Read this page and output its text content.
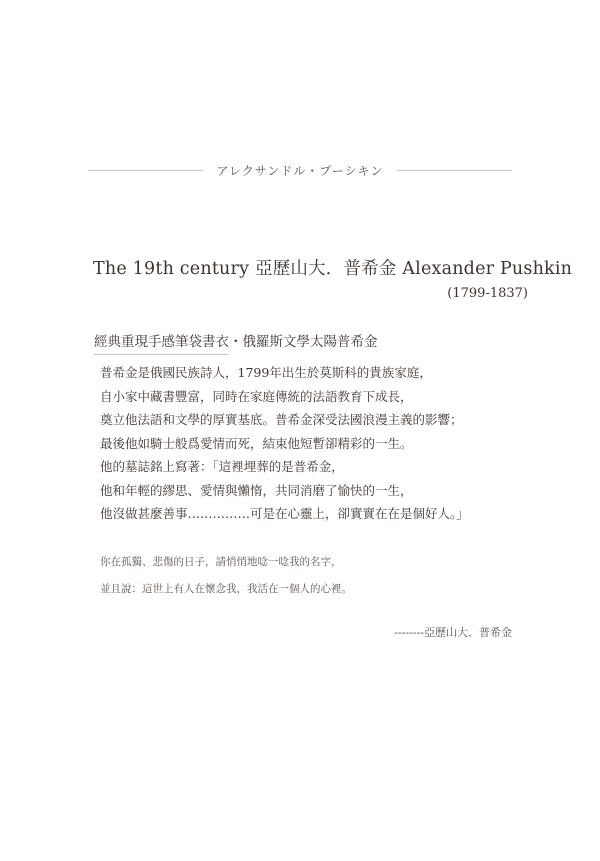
アレクサンドル・プーシキン
The 19th century 亞歷山大．普希金 Alexander Pushkin
(1799-1837)
經典重現手感筆袋書衣 ・俄羅斯文學太陽普希金
普希金是俄國民族詩人，1799年出生於莫斯科的貴族家庭，
自小家中藏書豐富，同時在家庭傳統的法語教育下成長，
奠立他法語和文學的厚實基底。普希金深受法國浪漫主義的影響；
最後他如騎士般爲愛情而死，結束他短暫卻精彩的一生。
他的墓誌銘上寫著：「這裡埋葬的是普希金，
他和年輕的繆思、愛情與懶惰，共同消磨了愉快的一生，
他沒做甚麼善事……………可是在心靈上，卻實實在在是個好人。」
你在孤獨、悲傷的日子，請悄悄地唸一唸我的名字，
並且說：這世上有人在懷念我，我活在一個人的心裡。
--------亞歷山大．普希金
